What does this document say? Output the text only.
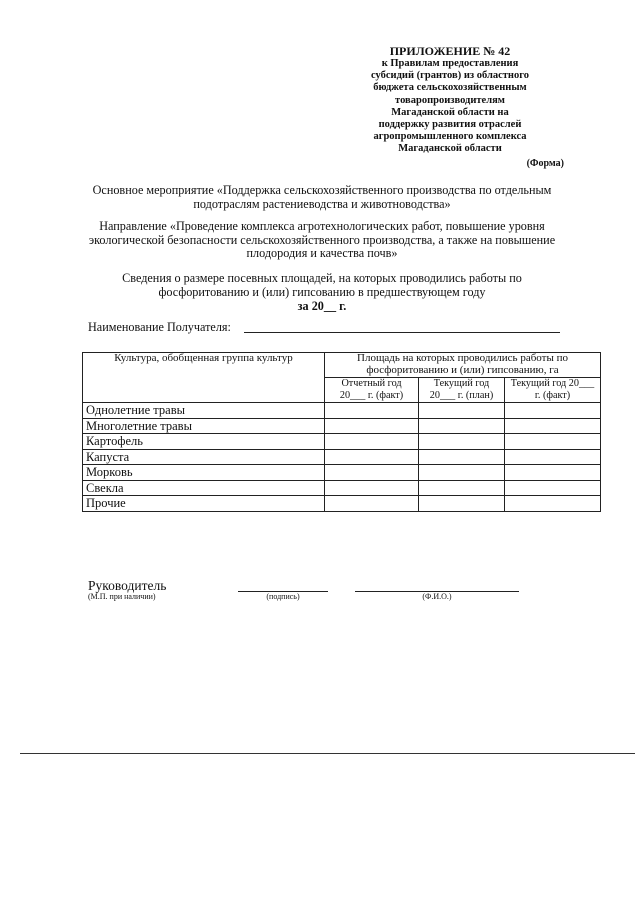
ПРИЛОЖЕНИЕ № 42
к Правилам предоставления
субсидий (грантов) из областного
бюджета сельскохозяйственным
товаропроизводителям
Магаданской области на
поддержку развития отраслей
агропромышленного комплекса
Магаданской области
(Форма)
Основное мероприятие «Поддержка сельскохозяйственного производства по отдельным подотраслям растениеводства и животноводства»
Направление «Проведение комплекса агротехнологических работ, повышение уровня экологической безопасности сельскохозяйственного производства, а также на повышение плодородия и качества почв»
Сведения о размере посевных площадей, на которых проводились работы по фосфоритованию и (или) гипсованию в предшествующем году
за 20__ г.
Наименование Получателя:
Культура, обобщенная группа культур	Площадь на которых проводились работы по фосфоритованию и (или) гипсованию, га		
	Отчетный год 20___ г. (факт)	Текущий год 20___ г. (план)	Текущий год 20___ г. (факт)
Однолетние травы			
Многолетние травы			
Картофель			
Капуста			
Морковь			
Свекла			
Прочие			
Руководитель
(М.П. при наличии)	(подпись)	(Ф.И.О.)
